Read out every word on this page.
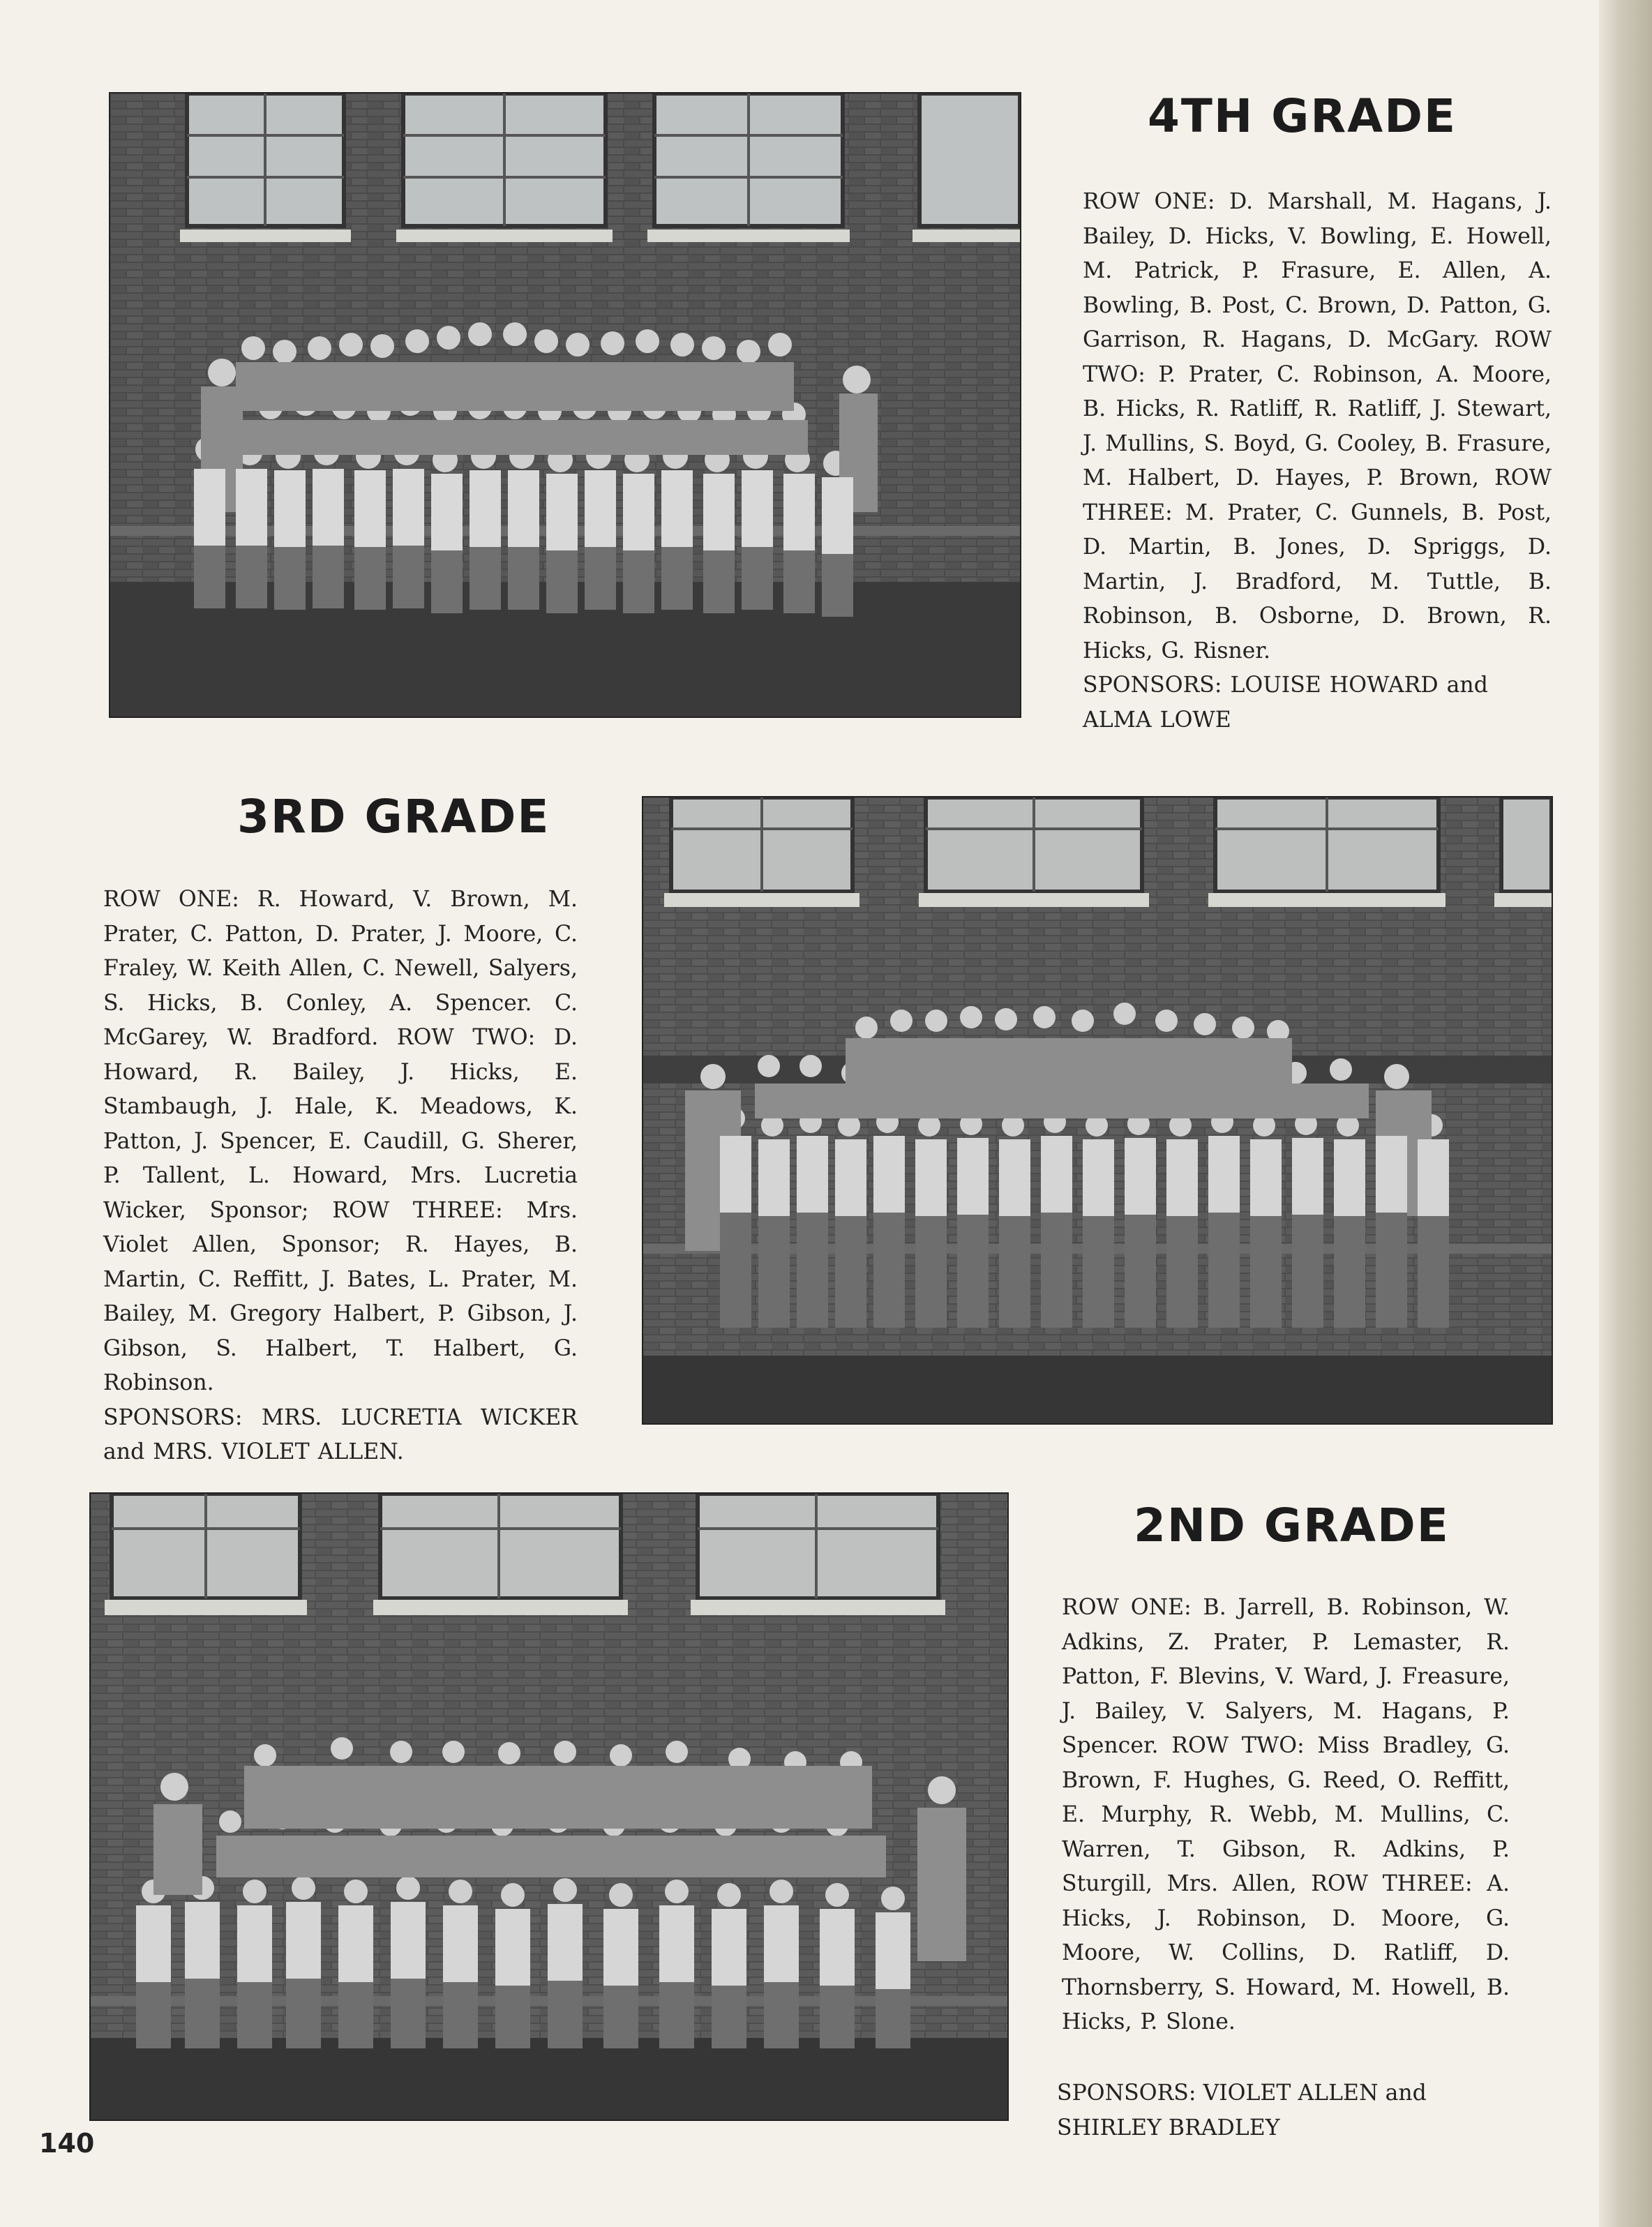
4TH GRADE

ROW ONE: D. Marshall, M. Hagans, J. Bailey, D. Hicks, V. Bowling, E. Howell, M. Patrick, P. Frasure, E. Allen, A. Bowling, B. Post, C. Brown, D. Patton, G. Garrison, R. Hagans, D. McGary. ROW TWO: P. Prater, C. Robinson, A. Moore, B. Hicks, R. Ratliff, R. Ratliff, J. Stewart, J. Mullins, S. Boyd, G. Cooley, B. Frasure, M. Halbert, D. Hayes, P. Brown, ROW THREE: M. Prater, C. Gunnels, B. Post, D. Martin, B. Jones, D. Spriggs, D. Martin, J. Bradford, M. Tuttle, B. Robinson, B. Osborne, D. Brown, R. Hicks, G. Risner.

SPONSORS: LOUISE HOWARD and ALMA LOWE

3RD GRADE

ROW ONE: R. Howard, V. Brown, M. Prater, C. Patton, D. Prater, J. Moore, C. Fraley, W. Keith Allen, C. Newell, Salyers, S. Hicks, B. Conley, A. Spencer. C. McGarey, W. Bradford. ROW TWO: D. Howard, R. Bailey, J. Hicks, E. Stambaugh, J. Hale, K. Meadows, K. Patton, J. Spencer, E. Caudill, G. Sherer, P. Tallent, L. Howard, Mrs. Lucretia Wicker, Sponsor; ROW THREE: Mrs. Violet Allen, Sponsor; R. Hayes, B. Martin, C. Reffitt, J. Bates, L. Prater, M. Bailey, M. Gregory Halbert, P. Gibson, J. Gibson, S. Halbert, T. Halbert, G. Robinson.

SPONSORS: MRS. LUCRETIA WICKER and MRS. VIOLET ALLEN.

2ND GRADE

ROW ONE: B. Jarrell, B. Robinson, W. Adkins, Z. Prater, P. Lemaster, R. Patton, F. Blevins, V. Ward, J. Freasure, J. Bailey, V. Salyers, M. Hagans, P. Spencer. ROW TWO: Miss Bradley, G. Brown, F. Hughes, G. Reed, O. Reffitt, E. Murphy, R. Webb, M. Mullins, C. Warren, T. Gibson, R. Adkins, P. Sturgill, Mrs. Allen, ROW THREE: A. Hicks, J. Robinson, D. Moore, G. Moore, W. Collins, D. Ratliff, D. Thornsberry, S. Howard, M. Howell, B. Hicks, P. Slone.

SPONSORS: VIOLET ALLEN and
SHIRLEY BRADLEY
140
